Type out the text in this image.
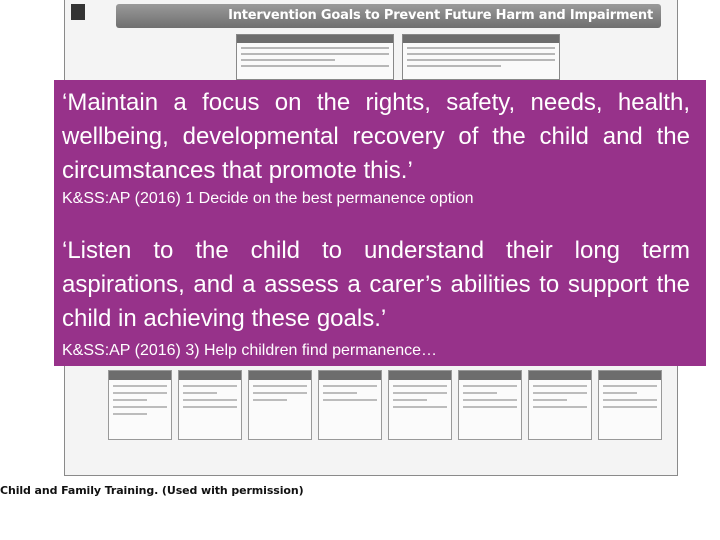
Intervention Goals to Prevent Future Harm and Impairment
Child and Family Training. (Used with permission)
‘Maintain a focus on the rights, safety, needs, health, wellbeing, developmental recovery of the child and the circumstances that promote this.’
K&SS:AP (2016) 1 Decide on the best permanence option
‘Listen to the child to understand their long term aspirations, and a assess a carer’s abilities to support the child in achieving these goals.’
K&SS:AP (2016) 3) Help children find permanence…
